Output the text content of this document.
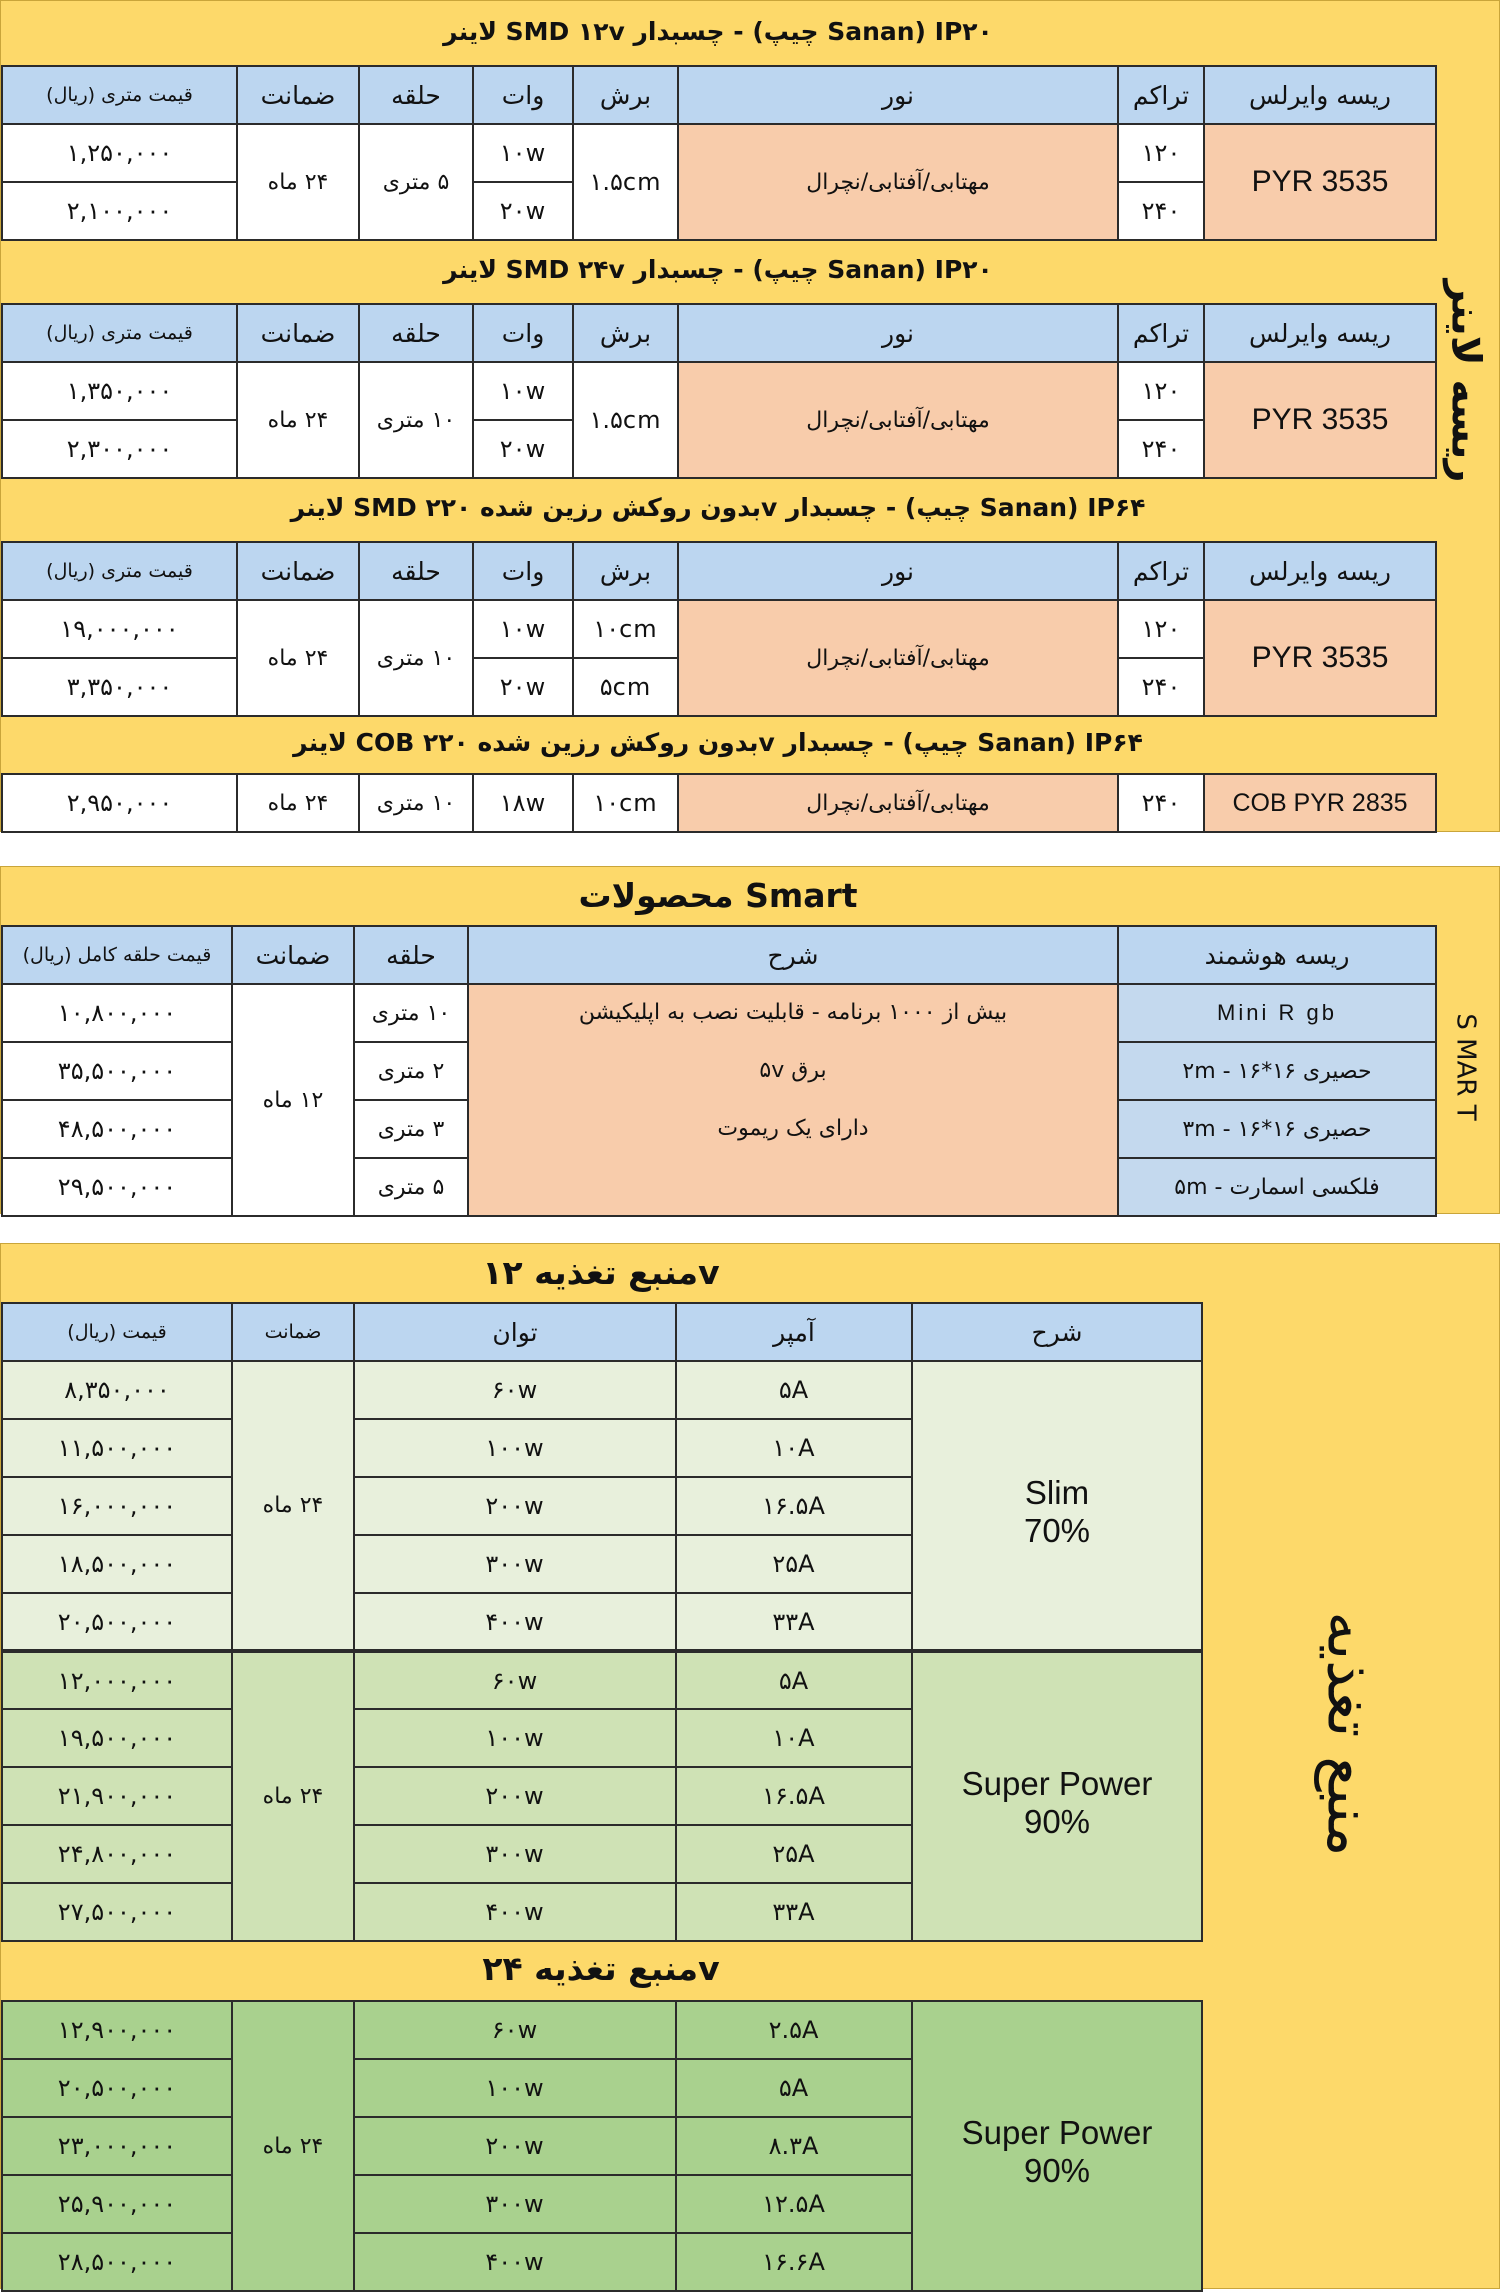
ریسه لاینر
لاینر SMD ۱۲v چسبدار - (چیپ Sanan) IP۲۰
ریسه وایرلس	تراکم	نور	برش	وات	حلقه	ضمانت	قیمت متری (ریال)
3535 PYR	۱۲۰	مهتابی/آفتابی/نچرال	۱.۵cm	۱۰w	۵ متری	۲۴ ماه	۱,۲۵۰,۰۰۰
	۲۴۰			۲۰w			۲,۱۰۰,۰۰۰
لاینر SMD ۲۴v چسبدار - (چیپ Sanan) IP۲۰
ریسه وایرلس	تراکم	نور	برش	وات	حلقه	ضمانت	قیمت متری (ریال)
3535 PYR	۱۲۰	مهتابی/آفتابی/نچرال	۱.۵cm	۱۰w	۱۰ متری	۲۴ ماه	۱,۳۵۰,۰۰۰
	۲۴۰			۲۰w			۲,۳۰۰,۰۰۰
لاینر SMD بدون روکش رزین شده ۲۲۰v چسبدار - (چیپ Sanan) IP۶۴
ریسه وایرلس	تراکم	نور	برش	وات	حلقه	ضمانت	قیمت متری (ریال)
3535 PYR	۱۲۰	مهتابی/آفتابی/نچرال	۱۰cm	۱۰w	۱۰ متری	۲۴ ماه	۱۹,۰۰۰,۰۰۰
	۲۴۰		۵cm	۲۰w			۳,۳۵۰,۰۰۰
لاینر COB بدون روکش رزین شده ۲۲۰v چسبدار - (چیپ Sanan) IP۶۴
2835 COB PYR	۲۴۰	مهتابی/آفتابی/نچرال	۱۰cm	۱۸w	۱۰ متری	۲۴ ماه	۲,۹۵۰,۰۰۰
S MAR T
محصولات Smart
ریسه هوشمند	شرح	حلقه	ضمانت	قیمت حلقه کامل (ریال)
Mini R gb	بیش از ۱۰۰۰ برنامه - قابلیت نصب به اپلیکیشن
برق ۵v
دارای یک ریموت	۱۰ متری	۱۲ ماه	۱۰,۸۰۰,۰۰۰
حصیری ۱۶*۱۶ - ۲m		۲ متری		۳۵,۵۰۰,۰۰۰
حصیری ۱۶*۱۶ - ۳m		۳ متری		۴۸,۵۰۰,۰۰۰
فلکسی اسمارت - ۵m		۵ متری		۲۹,۵۰۰,۰۰۰
منبع تغذیه
منبع تغذیه ۱۲v
شرح	آمپر	توان	ضمانت	قیمت (ریال)

Slim
70%	۵A	۶۰w	۲۴ ماه	۸,۳۵۰,۰۰۰
	۱۰A	۱۰۰w		۱۱,۵۰۰,۰۰۰
	۱۶.۵A	۲۰۰w		۱۶,۰۰۰,۰۰۰
	۲۵A	۳۰۰w		۱۸,۵۰۰,۰۰۰
	۳۳A	۴۰۰w		۲۰,۵۰۰,۰۰۰

Super Power
90%	۵A	۶۰w	۲۴ ماه	۱۲,۰۰۰,۰۰۰
	۱۰A	۱۰۰w		۱۹,۵۰۰,۰۰۰
	۱۶.۵A	۲۰۰w		۲۱,۹۰۰,۰۰۰
	۲۵A	۳۰۰w		۲۴,۸۰۰,۰۰۰
	۳۳A	۴۰۰w		۲۷,۵۰۰,۰۰۰
منبع تغذیه ۲۴v
Super Power
90%	۲.۵A	۶۰w	۲۴ ماه	۱۲,۹۰۰,۰۰۰
	۵A	۱۰۰w		۲۰,۵۰۰,۰۰۰
	۸.۳A	۲۰۰w		۲۳,۰۰۰,۰۰۰
	۱۲.۵A	۳۰۰w		۲۵,۹۰۰,۰۰۰
	۱۶.۶A	۴۰۰w		۲۸,۵۰۰,۰۰۰
